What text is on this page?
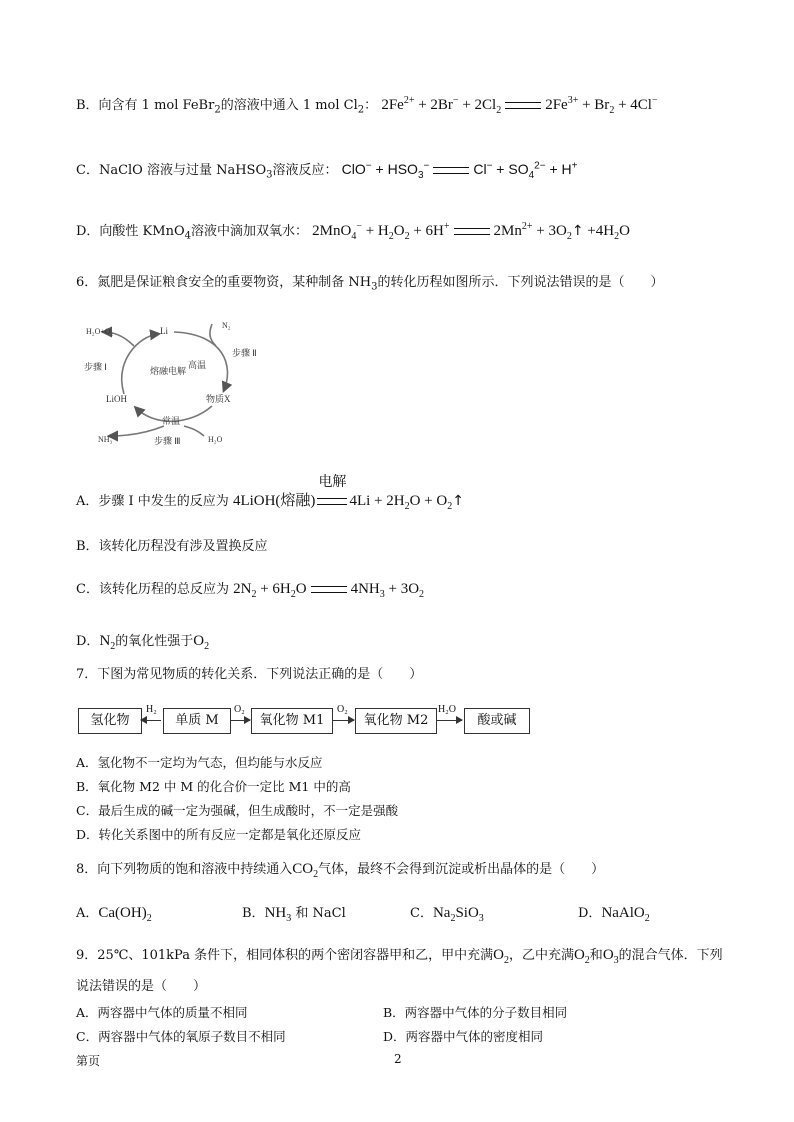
B．向含有 1 mol FeBr$_2$的溶液中通入 1 mol $Cl_2$： $2Fe^{2+} + 2Br^- + 2Cl_2$	$2Fe^{3+} + Br_2 + 4Cl^-$
C．NaClO 溶液与过量 NaHSO$_3$溶液反应： $ClO^- + HSO_3^-$	$Cl^- + SO_4^{2-} + H^+$
D．向酸性 KMnO$_4$溶液中滴加双氧水： $2MnO_4^- + H_2O_2 + 6H^+$	$2Mn^{2+}$ + $3O_2↑ +4H_2O$
6．氮肥是保证粮食安全的重要物资，某种制备 $NH_3$的转化历程如图所示．下列说法错误的是（　　）
H₂O+O₂	Li
N₂
步骤 Ⅰ
步骤 Ⅱ
熔融电解
高温
LiOH	物质X
常温
步骤 Ⅲ
NH₃	H₂O
A．步骤 Ⅰ 中发生的反应为 4LiOH(熔融)
电解
$4Li + 2H_2O$ + $O_2↑$
B．该转化历程没有涉及置换反应
C．该转化历程的总反应为 $2N_2 + 6H_2O$	$4NH_3 + 3O_2$
D．$N_2$的氧化性强于$O_2$
7．下图为常见物质的转化关系．下列说法正确的是（　　）
氢化物
H₂
单质 M
O₂
氧化物 M1
O₂
氧化物 M2
H₂O
酸或碱
A．氢化物不一定均为气态，但均能与水反应
B．氧化物 M2 中 M 的化合价一定比 M1 中的高
C．最后生成的碱一定为强碱，但生成酸时，不一定是强酸
D．转化关系图中的所有反应一定都是氧化还原反应
8．向下列物质的饱和溶液中持续通入$CO_2$气体，最终不会得到沉淀或析出晶体的是（　　）
A．$Ca(OH)_2$	B．$NH_3$ 和 NaCl	C．$Na_2SiO_3$	D．NaAlO$_2$
9．25℃、101kPa 条件下，相同体积的两个密闭容器甲和乙，甲中充满$O_2$，乙中充满$O_2$和$O_3$的混合气体．下列
说法错误的是（　　）
A．两容器中气体的质量不相同	B．两容器中气体的分子数目相同
C．两容器中气体的氧原子数目不相同	D．两容器中气体的密度相同
第页	2
